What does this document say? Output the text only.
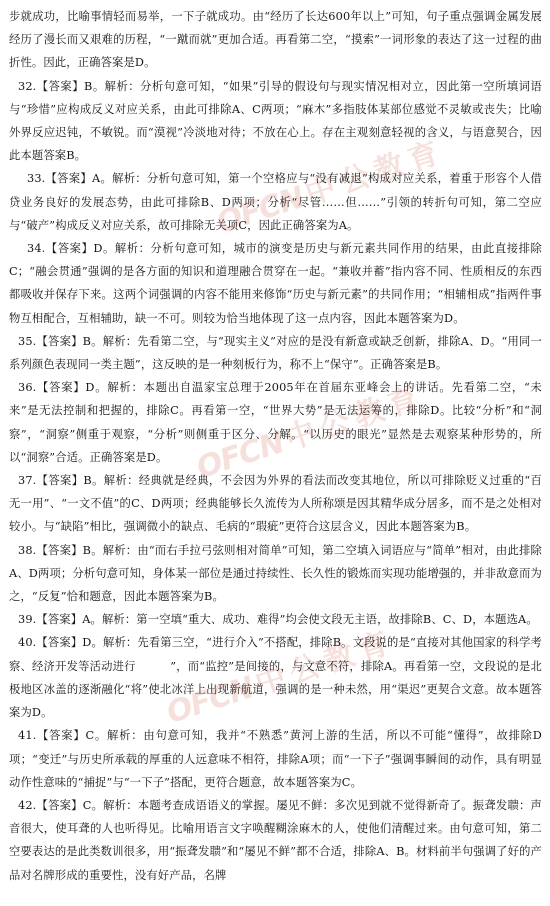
步就成功，比喻事情轻而易举，一下子就成功。由“经历了长达600年以上”可知，句子重点强调金属发展经历了漫长而又艰难的历程，“一蹴而就”更加合适。再看第二空，“摸索”一词形象的表达了这一过程的曲折性。因此，正确答案是D。

32.【答案】B。解析：分析句意可知，“如果”引导的假设句与现实情况相对立，因此第一空所填词语与“珍惜”应构成反义对应关系，由此可排除A、C两项；“麻木”多指肢体某部位感觉不灵敏或丧失；比喻外界反应迟钝，不敏锐。而“漠视”冷淡地对待；不放在心上。存在主观刻意轻视的含义，与语意契合，因此本题答案B。

33.【答案】A。解析：分析句意可知，第一个空格应与“没有减退”构成对应关系，着重于形容个人借贷业务良好的发展态势，由此可排除B、D两项；分析“尽管……但……”引领的转折句可知，第二空应与“破产”构成反义对应关系，故可排除无关项C，因此正确答案为A。

34.【答案】D。解析：分析句意可知，城市的演变是历史与新元素共同作用的结果，由此直接排除C；“融会贯通”强调的是各方面的知识和道理融合贯穿在一起。“兼收并蓄”指内容不同、性质相反的东西都吸收并保存下来。这两个词强调的内容不能用来修饰“历史与新元素”的共同作用；“相辅相成”指两件事物互相配合，互相辅助，缺一不可。则较为恰当地体现了这一点内容，因此本题答案为D。

35.【答案】B。解析：先看第二空，与“现实主义”对应的是没有新意或缺乏创新，排除A、D。“用同一系列颜色表现同一类主题”，这反映的是一种刻板行为，称不上“保守”。正确答案是B。

36.【答案】D。解析：本题出自温家宝总理于2005年在首届东亚峰会上的讲话。先看第二空，“未来”是无法控制和把握的，排除C。再看第一空，“世界大势”是无法运筹的，排除D。比较“分析”和“洞察”，“洞察”侧重于观察，“分析”则侧重于区分、分解。“以历史的眼光”显然是去观察某种形势的，所以“洞察”合适。正确答案是D。

37.【答案】B。解析：经典就是经典，不会因为外界的看法而改变其地位，所以可排除贬义过重的“百无一用”、“一文不值”的C、D两项；经典能够长久流传为人所称颂是因其精华成分居多，而不是之处相对较小。与“缺陷”相比，强调微小的缺点、毛病的“瑕疵”更符合这层含义，因此本题答案为B。

38.【答案】B。解析：由“而右手拉弓弦则相对简单”可知，第二空填入词语应与“简单”相对，由此排除A、D两项；分析句意可知，身体某一部位是通过持续性、长久性的锻炼而实现功能增强的，并非敌意而为之，“反复”恰和题意，因此本题答案为B。

39.【答案】A。解析：第一空填“重大、成功、难得”均会使文段无主语，故排除B、C、D，本题选A。

40.【答案】D。解析：先看第三空，“进行介入”不搭配，排除B。文段说的是“直接对其他国家的科学考察、经济开发等活动进行　　　”，而“监控”是间接的，与文意不符，排除A。再看第一空，文段说的是北极地区冰盖的逐渐融化“将”使北冰洋上出现新航道，强调的是一种未然，用“渠迟”更契合文意。故本题答案为D。

41.【答案】C。解析：由句意可知，我并“不熟悉”黄河上游的生活，所以不可能“懂得”，故排除D项；“变迁”与历史所承载的厚重的人远意味不相符，排除A项；而“一下子”强调事瞬间的动作，具有明显动作性意味的“捕捉”与“一下子”搭配，更符合题意，故本题答案为C。

42.【答案】C。解析：本题考查成语语义的掌握。屡见不鲜：多次见到就不觉得新奇了。振聋发聩：声音很大，使耳聋的人也听得见。比喻用语言文字唤醒糊涂麻木的人，使他们清醒过来。由句意可知，第二空要表达的是此类数训很多，用“振聋发聩”和“屡见不鲜”都不合适，排除A、B。材料前半句强调了好的产品对名牌形成的重要性，没有好产品，名牌

OFCN中公教育
OFCN中公教育
OFCN中公教育
